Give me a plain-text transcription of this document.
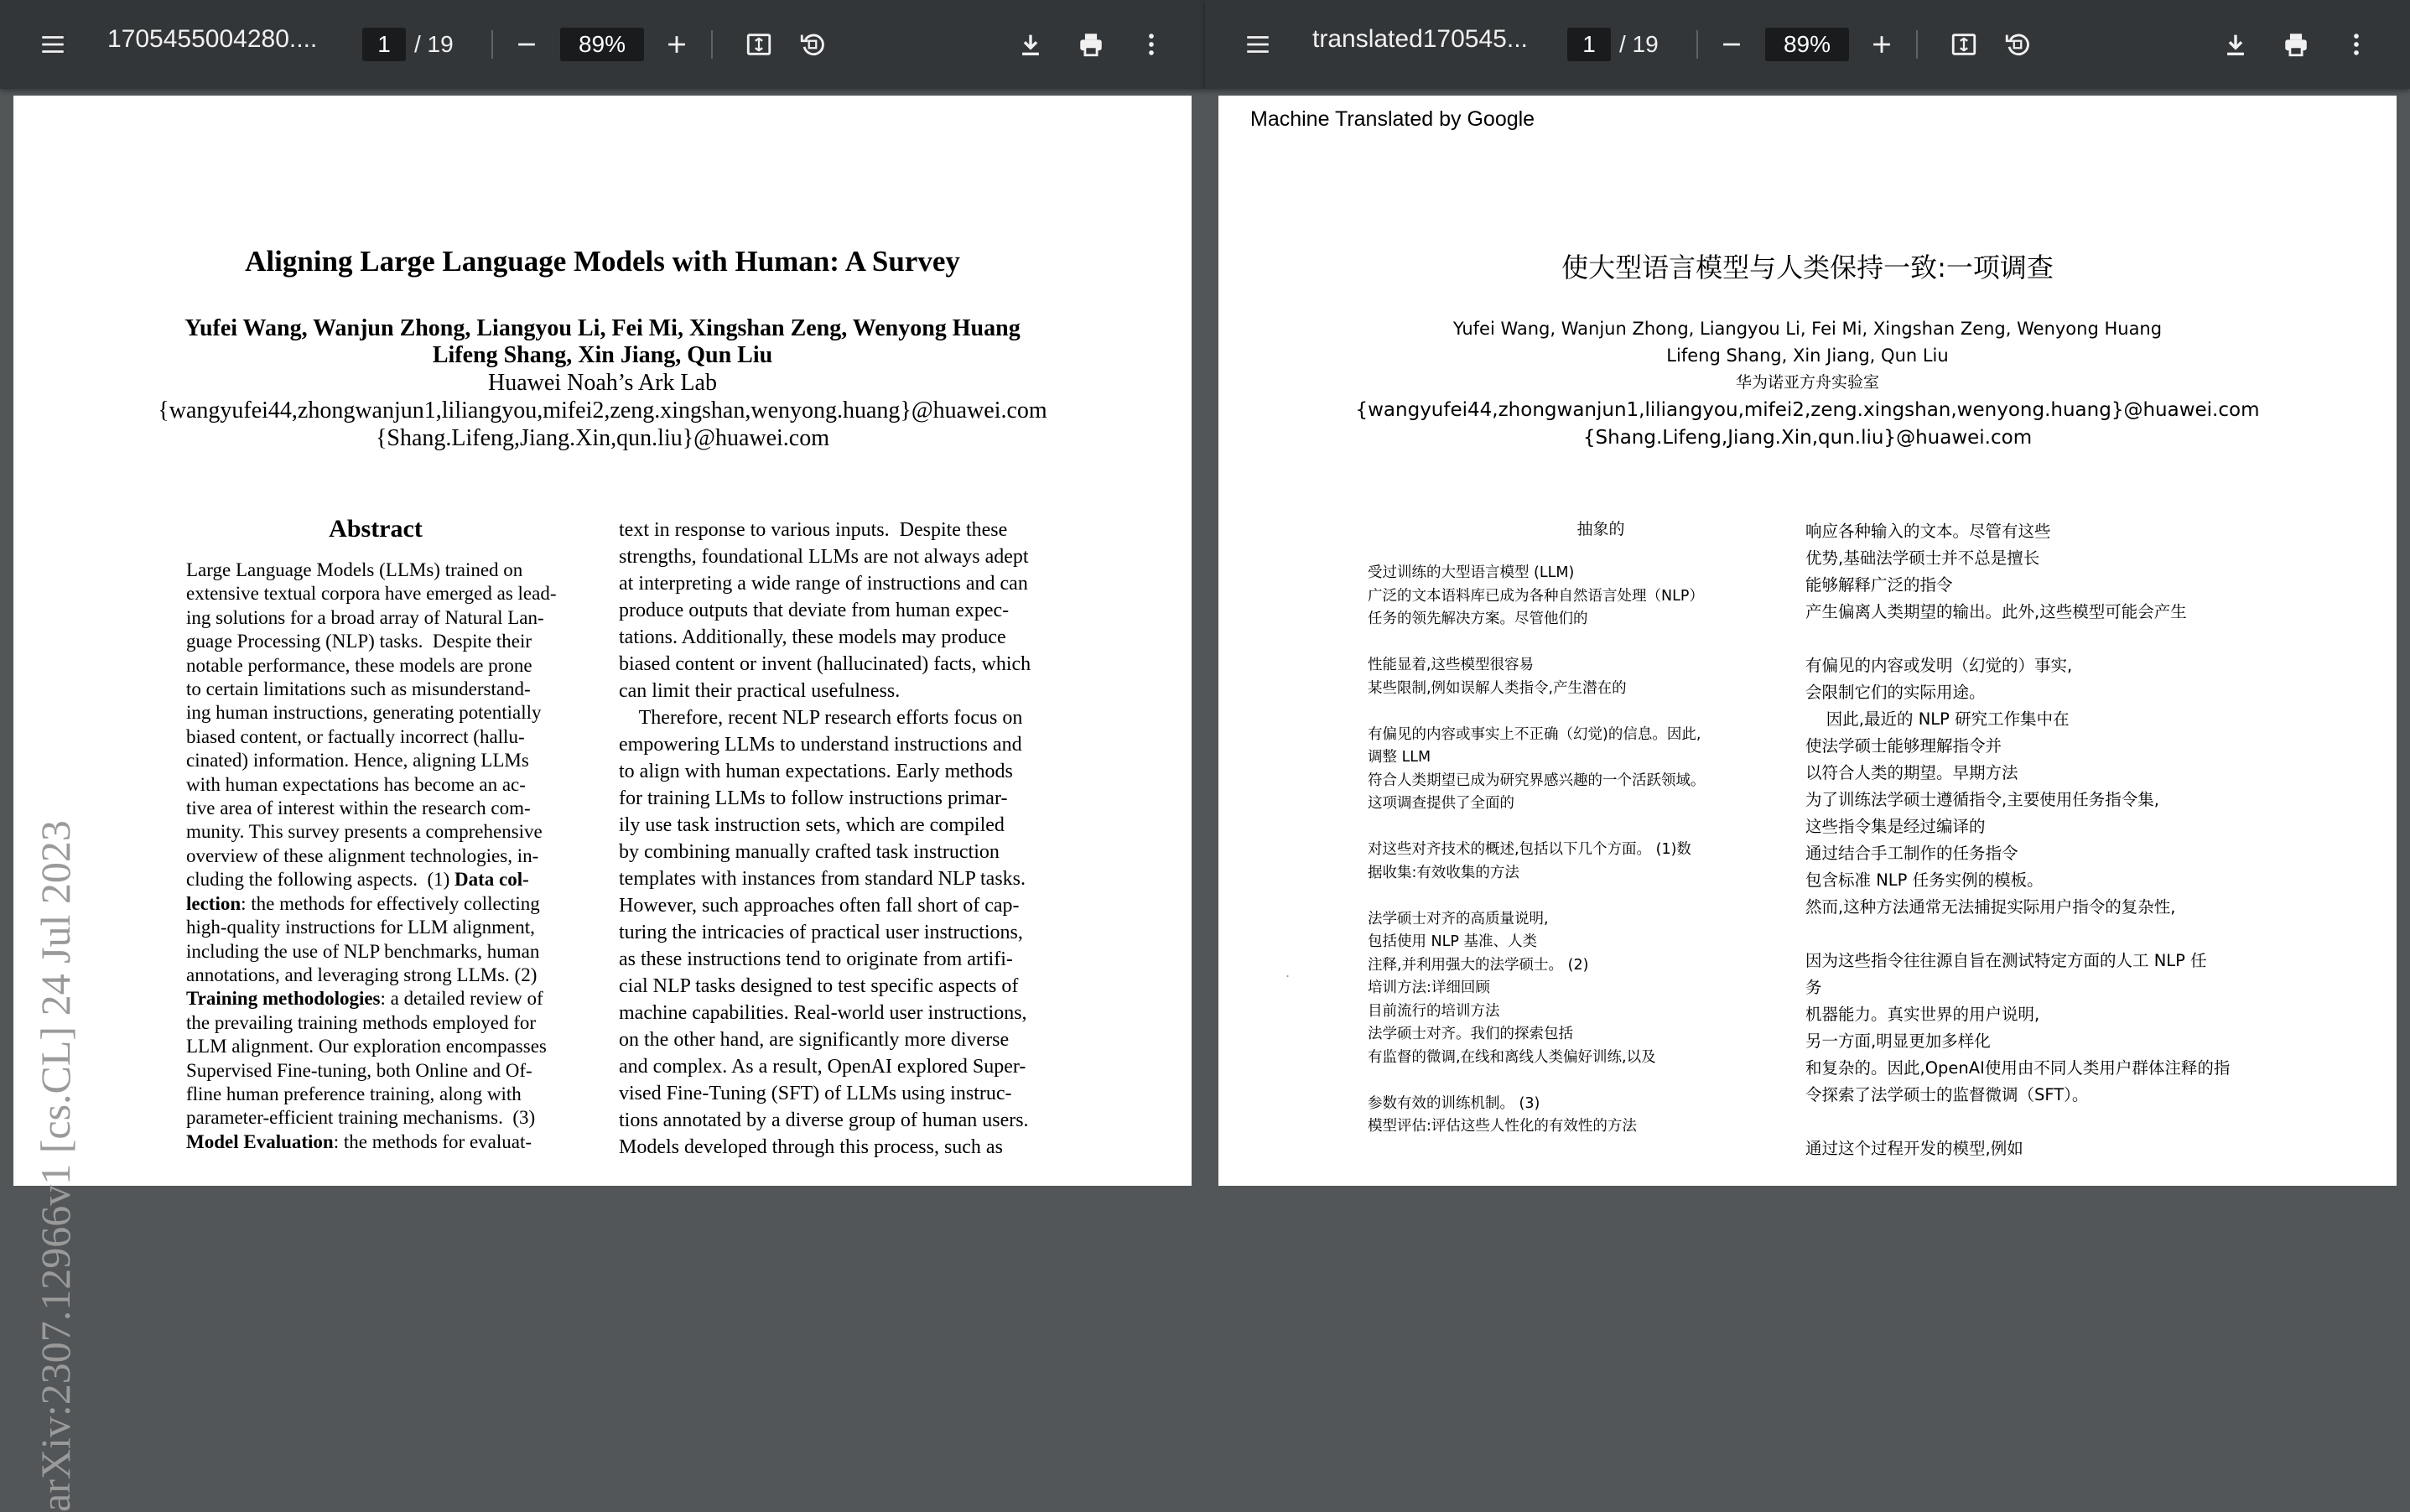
1705455004280....	1	/ 19	89%
arXiv:2307.12966v1 [cs.CL] 24 Jul 2023
Aligning Large Language Models with Human: A Survey
Yufei Wang, Wanjun Zhong, Liangyou Li, Fei Mi, Xingshan Zeng, Wenyong Huang
Lifeng Shang, Xin Jiang, Qun Liu
Huawei Noah’s Ark Lab
{wangyufei44,zhongwanjun1,liliangyou,mifei2,zeng.xingshan,wenyong.huang}@huawei.com
{Shang.Lifeng,Jiang.Xin,qun.liu}@huawei.com
Abstract
Large Language Models (LLMs) trained on
extensive textual corpora have emerged as lead-
ing solutions for a broad array of Natural Lan-
guage Processing (NLP) tasks.  Despite their
notable performance, these models are prone
to certain limitations such as misunderstand-
ing human instructions, generating potentially
biased content, or factually incorrect (hallu-
cinated) information. Hence, aligning LLMs
with human expectations has become an ac-
tive area of interest within the research com-
munity. This survey presents a comprehensive
overview of these alignment technologies, in-
cluding the following aspects.  (1) Data col-
lection: the methods for effectively collecting
high-quality instructions for LLM alignment,
including the use of NLP benchmarks, human
annotations, and leveraging strong LLMs. (2)
Training methodologies: a detailed review of
the prevailing training methods employed for
LLM alignment. Our exploration encompasses
Supervised Fine-tuning, both Online and Of-
fline human preference training, along with
parameter-efficient training mechanisms.  (3)
Model Evaluation: the methods for evaluat-
text in response to various inputs.  Despite these
strengths, foundational LLMs are not always adept
at interpreting a wide range of instructions and can
produce outputs that deviate from human expec-
tations. Additionally, these models may produce
biased content or invent (hallucinated) facts, which
can limit their practical usefulness.
Therefore, recent NLP research efforts focus on
empowering LLMs to understand instructions and
to align with human expectations. Early methods
for training LLMs to follow instructions primar-
ily use task instruction sets, which are compiled
by combining manually crafted task instruction
templates with instances from standard NLP tasks.
However, such approaches often fall short of cap-
turing the intricacies of practical user instructions,
as these instructions tend to originate from artifi-
cial NLP tasks designed to test specific aspects of
machine capabilities. Real-world user instructions,
on the other hand, are significantly more diverse
and complex. As a result, OpenAI explored Super-
vised Fine-Tuning (SFT) of LLMs using instruc-
tions annotated by a diverse group of human users.
Models developed through this process, such as
translated170545...	1	/ 19	89%
Machine Translated by Google
使大型语言模型与人类保持一致:一项调查
Yufei Wang, Wanjun Zhong, Liangyou Li, Fei Mi, Xingshan Zeng, Wenyong Huang
Lifeng Shang, Xin Jiang, Qun Liu
华为诺亚方舟实验室
{wangyufei44,zhongwanjun1,liliangyou,mifei2,zeng.xingshan,wenyong.huang}@huawei.com
{Shang.Lifeng,Jiang.Xin,qun.liu}@huawei.com
抽象的
受过训练的大型语言模型 (LLM)
广泛的文本语料库已成为各种自然语言处理（NLP）
任务的领先解决方案。尽管他们的

性能显着,这些模型很容易
某些限制,例如误解人类指令,产生潜在的

有偏见的内容或事实上不正确（幻觉)的信息。因此,
调整 LLM
符合人类期望已成为研究界感兴趣的一个活跃领域。
这项调查提供了全面的

对这些对齐技术的概述,包括以下几个方面。 (1)数
据收集:有效收集的方法

法学硕士对齐的高质量说明,
包括使用 NLP 基准、人类
注释,并利用强大的法学硕士。 (2)
培训方法:详细回顾
目前流行的培训方法
法学硕士对齐。我们的探索包括
有监督的微调,在线和离线人类偏好训练,以及

参数有效的训练机制。 (3)
模型评估:评估这些人性化的有效性的方法
响应各种输入的文本。尽管有这些
优势,基础法学硕士并不总是擅长
能够解释广泛的指令
产生偏离人类期望的输出。此外,这些模型可能会产生

有偏见的内容或发明（幻觉的）事实,
会限制它们的实际用途。
因此,最近的 NLP 研究工作集中在
使法学硕士能够理解指令并
以符合人类的期望。早期方法
为了训练法学硕士遵循指令,主要使用任务指令集,
这些指令集是经过编译的
通过结合手工制作的任务指令
包含标准 NLP 任务实例的模板。
然而,这种方法通常无法捕捉实际用户指令的复杂性,

因为这些指令往往源自旨在测试特定方面的人工 NLP 任
务
机器能力。真实世界的用户说明,
另一方面,明显更加多样化
和复杂的。因此,OpenAI使用由不同人类用户群体注释的指
令探索了法学硕士的监督微调（SFT）。

通过这个过程开发的模型,例如
.
